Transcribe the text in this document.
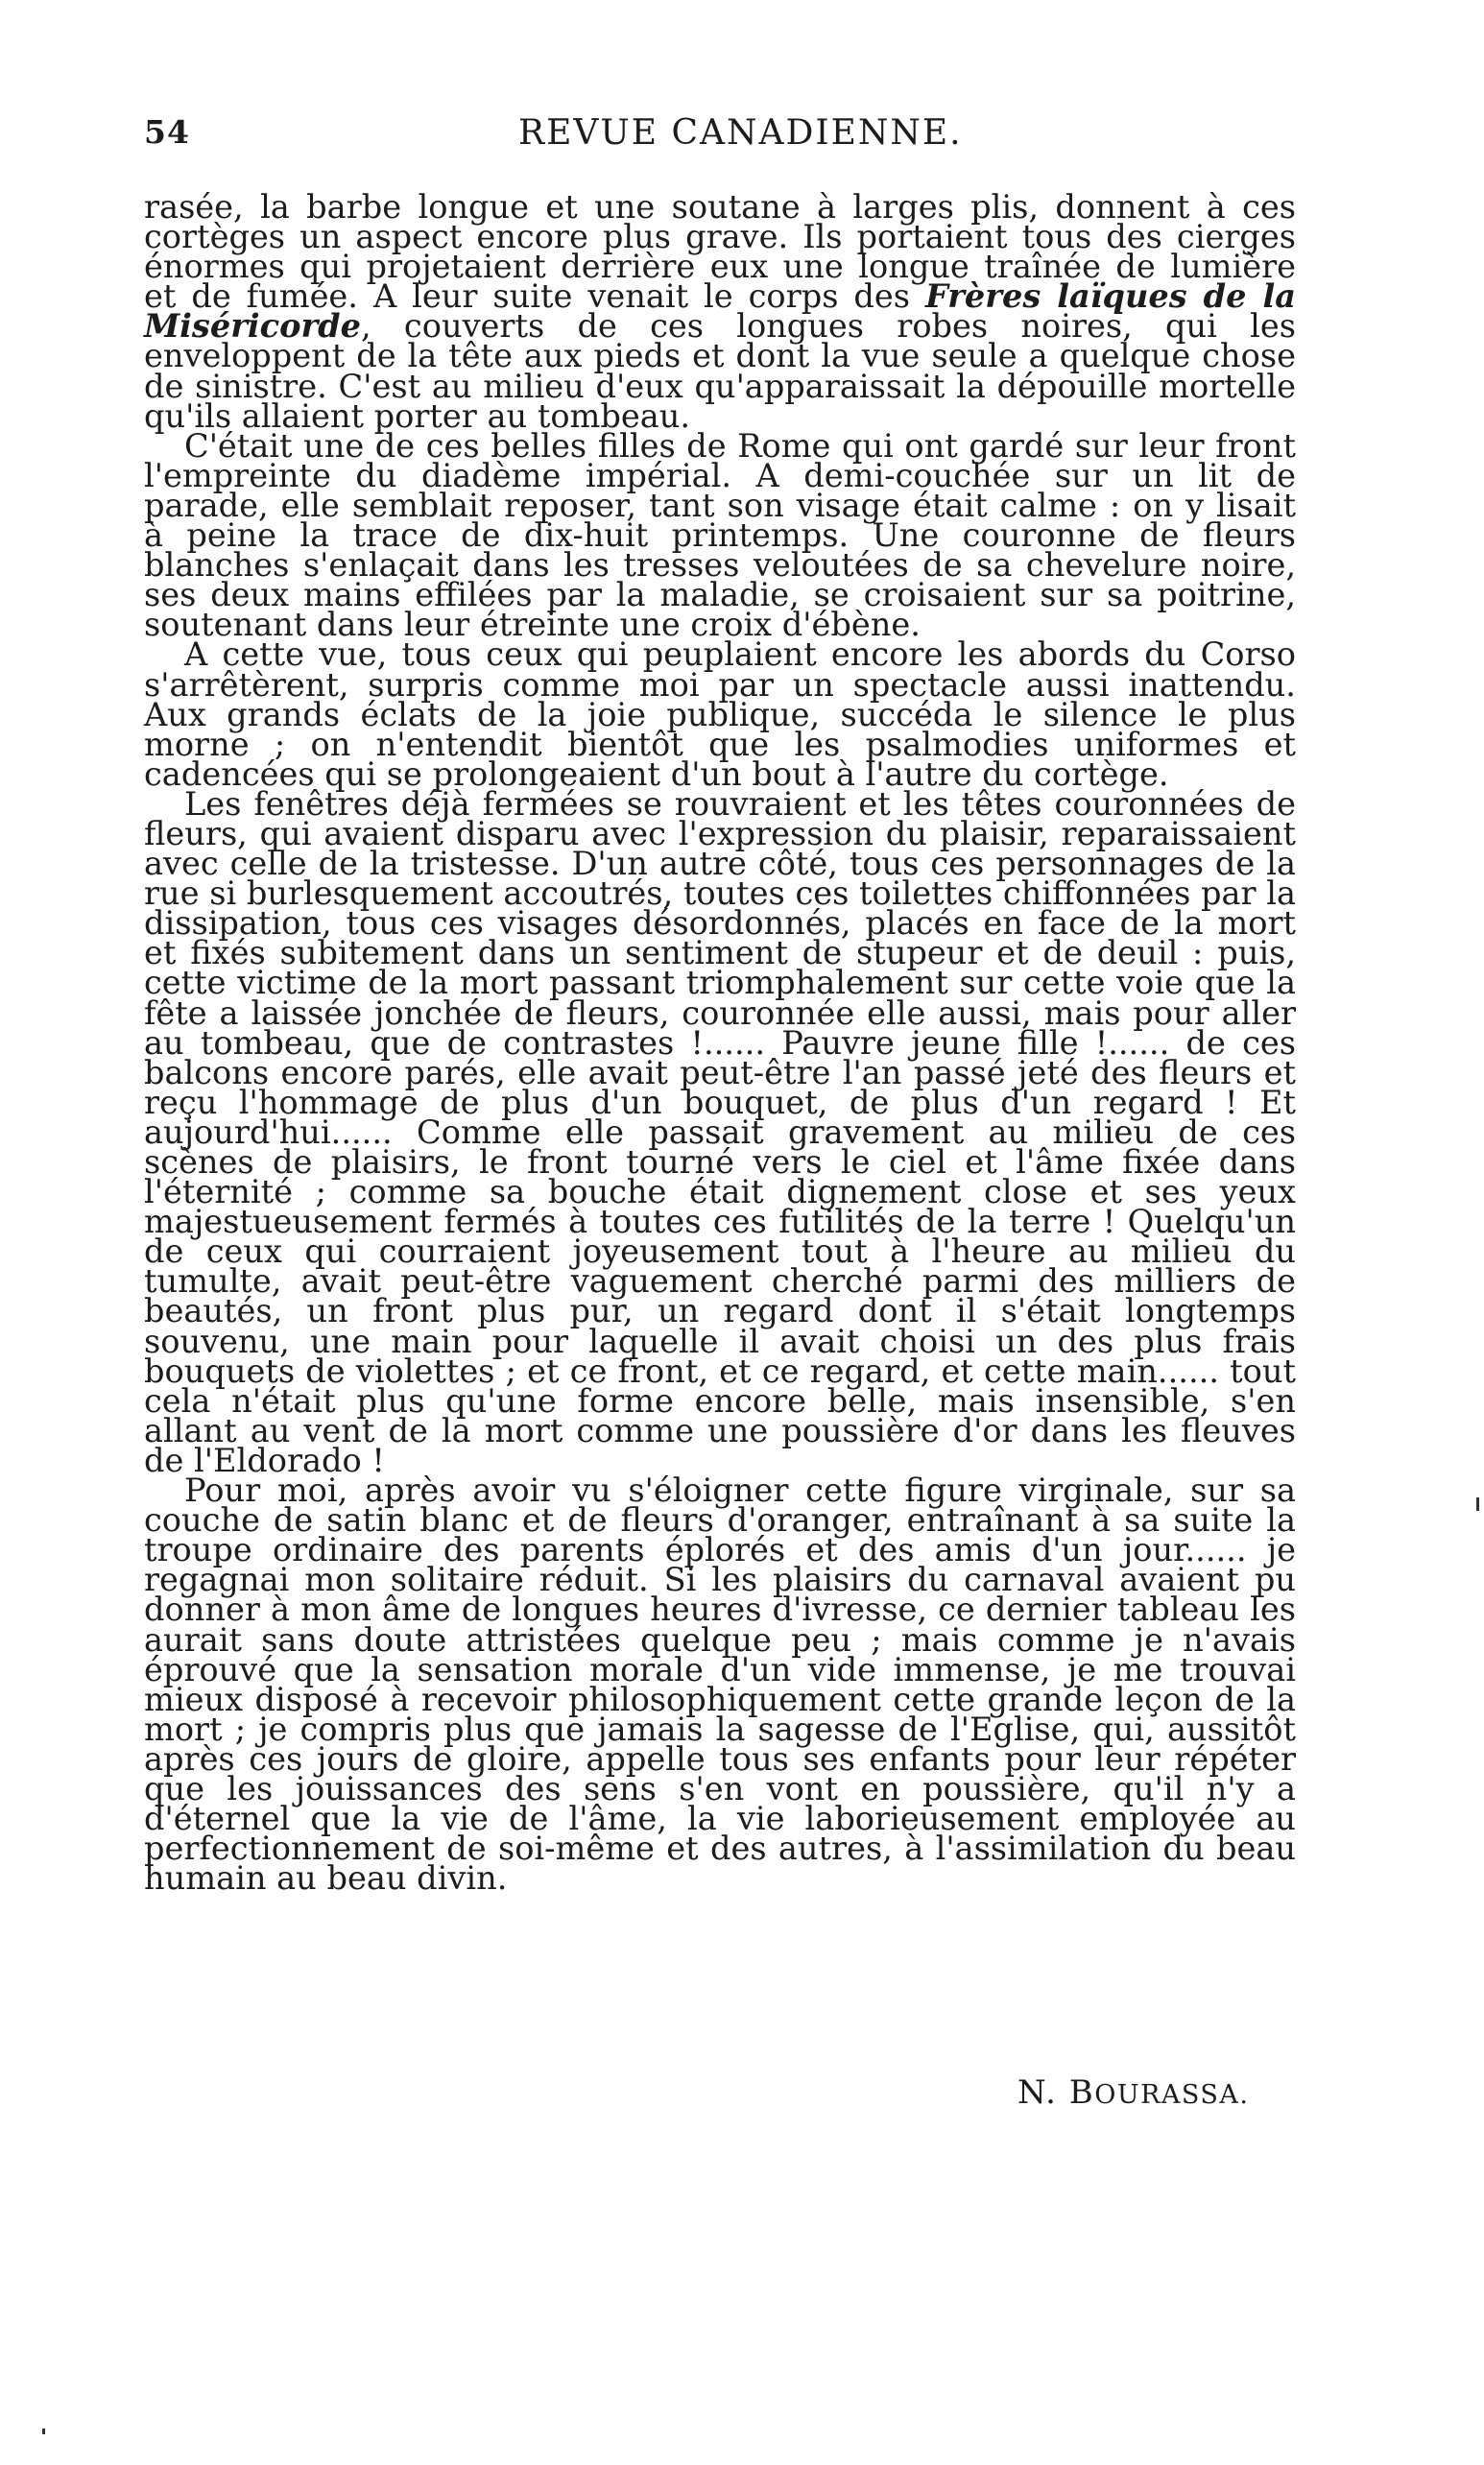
54	REVUE CANADIENNE.

rasée, la barbe longue et une soutane à larges plis, donnent à ces cortèges un aspect encore plus grave. Ils portaient tous des cierges énormes qui projetaient derrière eux une longue traînée de lumière et de fumée. A leur suite venait le corps des Frères laïques de la Miséricorde, couverts de ces longues robes noires, qui les enveloppent de la tête aux pieds et dont la vue seule a quelque chose de sinistre. C'est au milieu d'eux qu'apparaissait la dépouille mortelle qu'ils allaient porter au tombeau.

C'était une de ces belles filles de Rome qui ont gardé sur leur front l'empreinte du diadème impérial. A demi-couchée sur un lit de parade, elle semblait reposer, tant son visage était calme : on y lisait à peine la trace de dix-huit printemps. Une couronne de fleurs blanches s'enlaçait dans les tresses veloutées de sa chevelure noire, ses deux mains effilées par la maladie, se croisaient sur sa poitrine, soutenant dans leur étreinte une croix d'ébène.

A cette vue, tous ceux qui peuplaient encore les abords du Corso s'arrêtèrent, surpris comme moi par un spectacle aussi inattendu. Aux grands éclats de la joie publique, succéda le silence le plus morne ; on n'entendit bientôt que les psalmodies uniformes et cadencées qui se prolongeaient d'un bout à l'autre du cortège.

Les fenêtres déjà fermées se rouvraient et les têtes couronnées de fleurs, qui avaient disparu avec l'expression du plaisir, reparaissaient avec celle de la tristesse. D'un autre côté, tous ces personnages de la rue si burlesquement accoutrés, toutes ces toilettes chiffonnées par la dissipation, tous ces visages désordonnés, placés en face de la mort et fixés subitement dans un sentiment de stupeur et de deuil : puis, cette victime de la mort passant triomphalement sur cette voie que la fête a laissée jonchée de fleurs, couronnée elle aussi, mais pour aller au tombeau, que de contrastes !...... Pauvre jeune fille !...... de ces balcons encore parés, elle avait peut-être l'an passé jeté des fleurs et reçu l'hommage de plus d'un bouquet, de plus d'un regard ! Et aujourd'hui...... Comme elle passait gravement au milieu de ces scènes de plaisirs, le front tourné vers le ciel et l'âme fixée dans l'éternité ; comme sa bouche était dignement close et ses yeux majestueusement fermés à toutes ces futilités de la terre ! Quelqu'un de ceux qui courraient joyeusement tout à l'heure au milieu du tumulte, avait peut-être vaguement cherché parmi des milliers de beautés, un front plus pur, un regard dont il s'était longtemps souvenu, une main pour laquelle il avait choisi un des plus frais bouquets de violettes ; et ce front, et ce regard, et cette main...... tout cela n'était plus qu'une forme encore belle, mais insensible, s'en allant au vent de la mort comme une poussière d'or dans les fleuves de l'Eldorado !

Pour moi, après avoir vu s'éloigner cette figure virginale, sur sa couche de satin blanc et de fleurs d'oranger, entraînant à sa suite la troupe ordinaire des parents éplorés et des amis d'un jour...... je regagnai mon solitaire réduit. Si les plaisirs du carnaval avaient pu donner à mon âme de longues heures d'ivresse, ce dernier tableau les aurait sans doute attristées quelque peu ; mais comme je n'avais éprouvé que la sensation morale d'un vide immense, je me trouvai mieux disposé à recevoir philosophiquement cette grande leçon de la mort ; je compris plus que jamais la sagesse de l'Eglise, qui, aussitôt après ces jours de gloire, appelle tous ses enfants pour leur répéter que les jouissances des sens s'en vont en poussière, qu'il n'y a d'éternel que la vie de l'âme, la vie laborieusement employée au perfectionnement de soi-même et des autres, à l'assimilation du beau humain au beau divin.

N. BOURASSA.
